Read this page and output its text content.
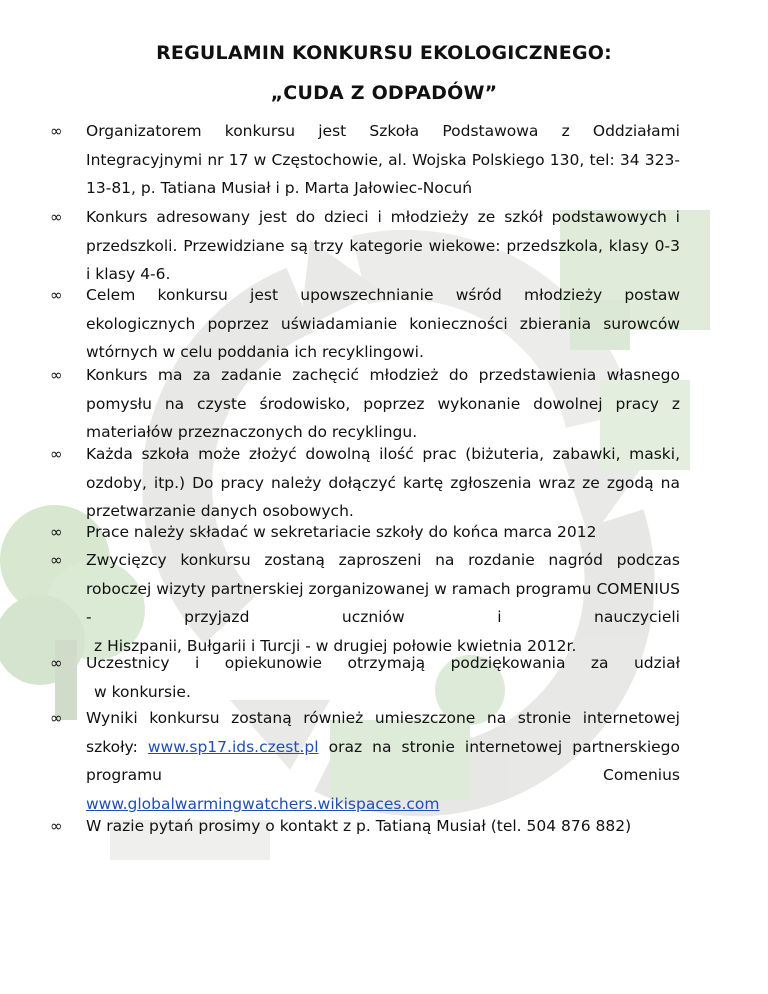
REGULAMIN KONKURSU EKOLOGICZNEGO:
„CUDA Z ODPADÓW”
∞ Organizatorem konkursu jest Szkoła Podstawowa z Oddziałami Integracyjnymi nr 17 w Częstochowie, al. Wojska Polskiego 130, tel: 34 323-13-81, p. Tatiana Musiał i p. Marta Jałowiec-Nocuń
∞ Konkurs adresowany jest do dzieci i młodzieży ze szkół podstawowych i przedszkoli. Przewidziane są trzy kategorie wiekowe: przedszkola, klasy 0-3 i klasy 4-6.
∞ Celem konkursu jest upowszechnianie wśród młodzieży postaw ekologicznych poprzez uświadamianie konieczności zbierania surowców wtórnych w celu poddania ich recyklingowi.
∞ Konkurs ma za zadanie zachęcić młodzież do przedstawienia własnego pomysłu na czyste środowisko, poprzez wykonanie dowolnej pracy z materiałów przeznaczonych do recyklingu.
∞ Każda szkoła może złożyć dowolną ilość prac (biżuteria, zabawki, maski, ozdoby, itp.) Do pracy należy dołączyć kartę zgłoszenia wraz ze zgodą na przetwarzanie danych osobowych.
∞ Prace należy składać w sekretariacie szkoły do końca marca 2012
∞ Zwycięzcy konkursu zostaną zaproszeni na rozdanie nagród podczas roboczej wizyty partnerskiej zorganizowanej w ramach programu COMENIUS - przyjazd uczniów i nauczycieli
z Hiszpanii, Bułgarii i Turcji - w drugiej połowie kwietnia 2012r.
∞ Uczestnicy i opiekunowie otrzymają podziękowania za udział
w konkursie.
∞ Wyniki konkursu zostaną również umieszczone na stronie internetowej szkoły: www.sp17.ids.czest.pl oraz na stronie internetowej partnerskiego programu Comenius
www.globalwarmingwatchers.wikispaces.com
∞ W razie pytań prosimy o kontakt z p. Tatianą Musiał (tel. 504 876 882)
